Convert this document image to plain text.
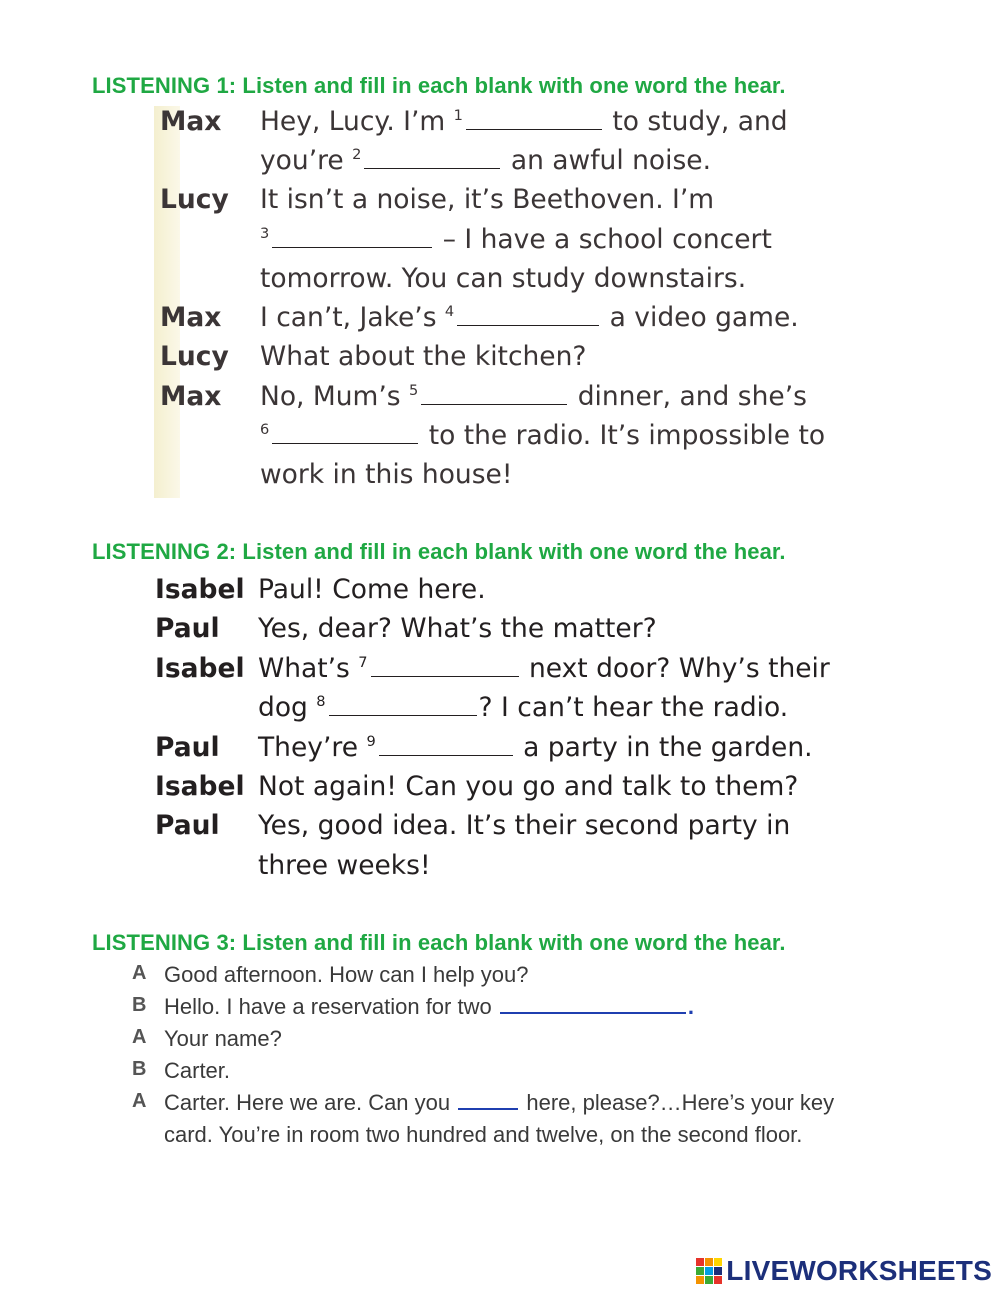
LISTENING 1: Listen and fill in each blank with one word the hear.
Max Hey, Lucy. I’m $^1$	to study, and
you’re $^2$	an awful noise.
Lucy It isn’t a noise, it’s Beethoven. I’m
$^3$	– I have a school concert
tomorrow. You can study downstairs.
Max I can’t, Jake’s $^4$	a video game.
Lucy What about the kitchen?
Max No, Mum’s $^5$	dinner, and she’s
$^6$	to the radio. It’s impossible to
work in this house!
LISTENING 2: Listen and fill in each blank with one word the hear.
Isabel Paul! Come here.
Paul Yes, dear? What’s the matter?
Isabel What’s $^7$	next door? Why’s their
dog $^8$	? I can’t hear the radio.
Paul They’re $^9$	a party in the garden.
Isabel Not again! Can you go and talk to them?
Paul Yes, good idea. It’s their second party in
three weeks!
LISTENING 3: Listen and fill in each blank with one word the hear.
A Good afternoon. How can I help you?
B Hello. I have a reservation for two	.
A Your name?
B Carter.
A Carter. Here we are. Can you	here, please?…Here’s your key
card. You’re in room two hundred and twelve, on the second floor.
LIVEWORKSHEETS
